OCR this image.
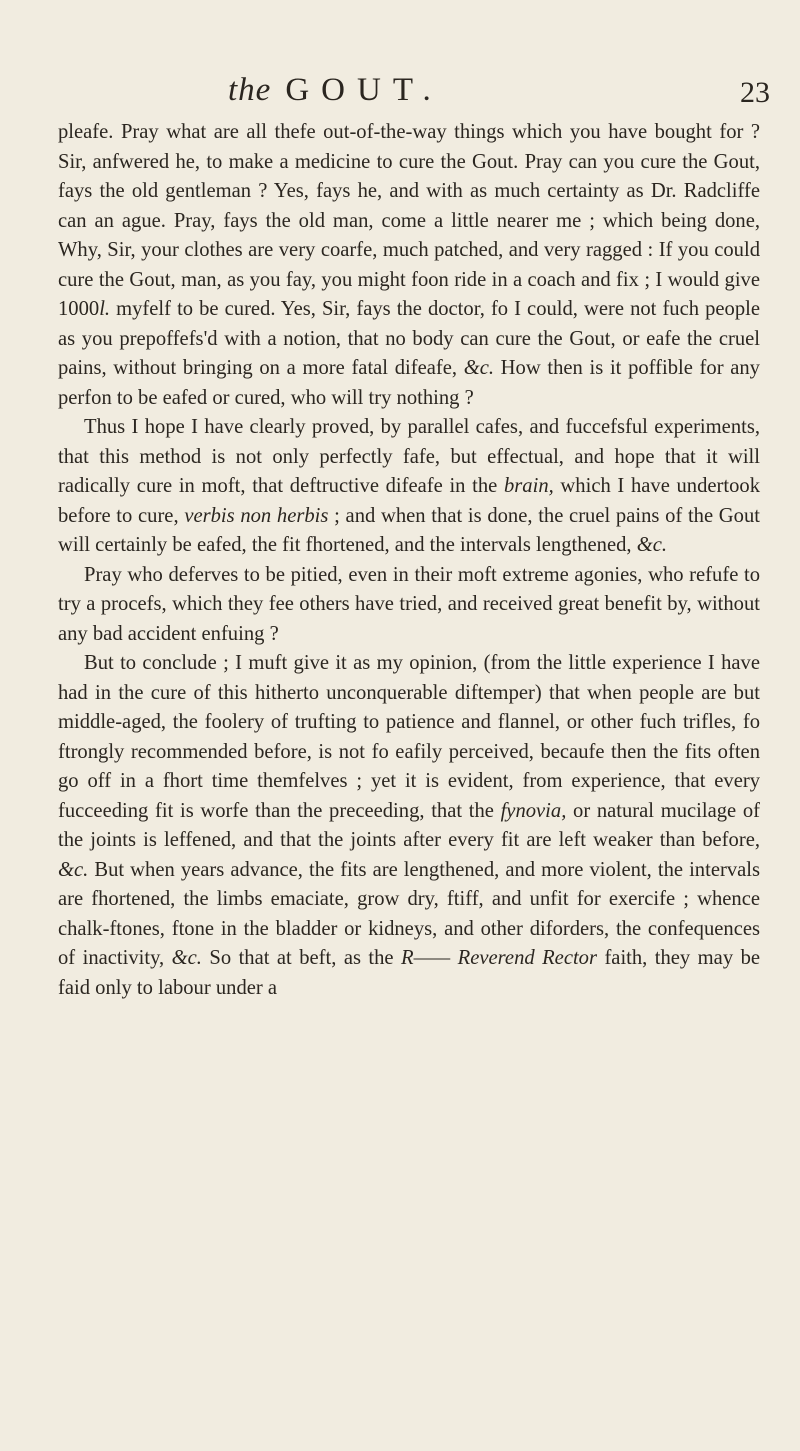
the GOUT.	23

pleafe. Pray what are all thefe out-of-the-way things which you have bought for ? Sir, anfwered he, to make a medicine to cure the Gout. Pray can you cure the Gout, fays the old gentleman ? Yes, fays he, and with as much certainty as Dr. Radcliffe can an ague. Pray, fays the old man, come a little nearer me ; which being done, Why, Sir, your clothes are very coarfe, much patched, and very ragged : If you could cure the Gout, man, as you fay, you might foon ride in a coach and fix ; I would give 1000l. myfelf to be cured. Yes, Sir, fays the doctor, fo I could, were not fuch people as you prepoffefs'd with a notion, that no body can cure the Gout, or eafe the cruel pains, without bringing on a more fatal difeafe, &c. How then is it poffible for any perfon to be eafed or cured, who will try nothing ?

Thus I hope I have clearly proved, by parallel cafes, and fuccefsful experiments, that this method is not only perfectly fafe, but effectual, and hope that it will radically cure in moft, that deftructive difeafe in the brain, which I have undertook before to cure, verbis non herbis ; and when that is done, the cruel pains of the Gout will certainly be eafed, the fit fhortened, and the intervals lengthened, &c.

Pray who deferves to be pitied, even in their moft extreme agonies, who refufe to try a procefs, which they fee others have tried, and received great benefit by, without any bad accident enfuing ?

But to conclude ; I muft give it as my opinion, (from the little experience I have had in the cure of this hitherto unconquerable diftemper) that when people are but middle-aged, the foolery of trufting to patience and flannel, or other fuch trifles, fo ftrongly recommended before, is not fo eafily perceived, becaufe then the fits often go off in a fhort time themfelves ; yet it is evident, from experience, that every fucceeding fit is worfe than the preceeding, that the fynovia, or natural mucilage of the joints is leffened, and that the joints after every fit are left weaker than before, &c. But when years advance, the fits are lengthened, and more violent, the intervals are fhortened, the limbs emaciate, grow dry, ftiff, and unfit for exercife ; whence chalk-ftones, ftone in the bladder or kidneys, and other diforders, the confequences of inactivity, &c. So that at beft, as the R—— Reverend Rector faith, they may be faid only to labour under a
